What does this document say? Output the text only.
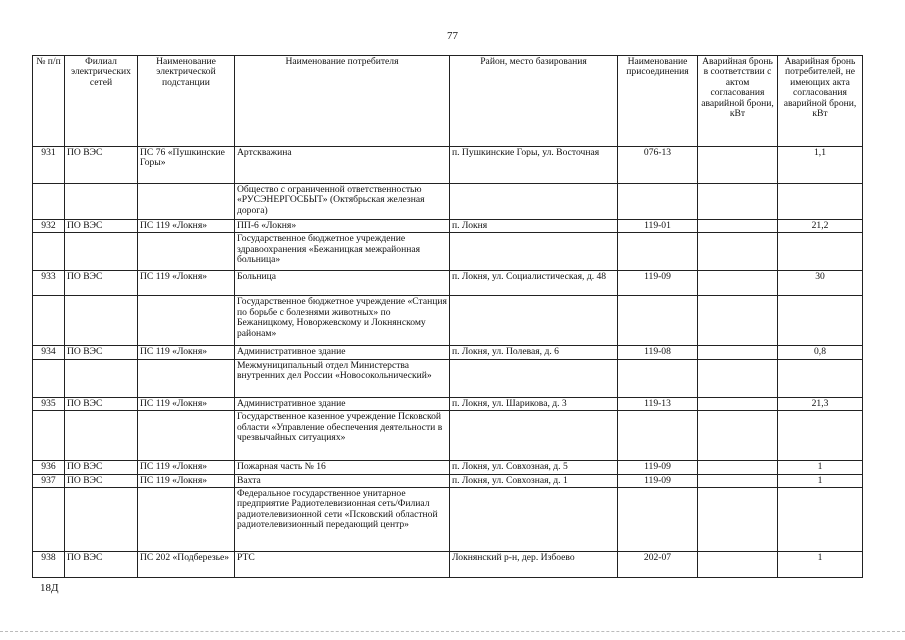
77
№ п/п	Филиал электрических сетей	Наименование электрической подстанции	Наименование потребителя	Район, место базирования	Наименование присоединения	Аварийная бронь в соответствии с актом согласования аварийной брони, кВт	Аварийная бронь потребителей, не имеющих акта согласования аварийной брони, кВт
931	ПО ВЭС	ПС 76 «Пушкинские Горы»	Артскважина	п. Пушкинские Горы, ул. Восточная	076-13		1,1
			Общество с ограниченной ответственностью «РУСЭНЕРГОСБЫТ» (Октябрьская железная дорога)				
932	ПО ВЭС	ПС 119 «Локня»	ПП-6 «Локня»	п. Локня	119-01		21,2
			Государственное бюджетное учреждение здравоохранения «Бежаницкая межрайонная больница»				
933	ПО ВЭС	ПС 119 «Локня»	Больница	п. Локня, ул. Социалистическая, д. 48	119-09		30
			Государственное бюджетное учреждение «Станция по борьбе с болезнями животных» по Бежаницкому, Новоржевскому и Локнянскому районам»				
934	ПО ВЭС	ПС 119 «Локня»	Административное здание	п. Локня, ул. Полевая, д. 6	119-08		0,8
			Межмуниципальный отдел Министерства внутренних дел России «Новосокольнический»				
935	ПО ВЭС	ПС 119 «Локня»	Административное здание	п. Локня, ул. Шарикова, д. 3	119-13		21,3
			Государственное казенное учреждение Псковской области «Управление обеспечения деятельности в чрезвычайных ситуациях»				
936	ПО ВЭС	ПС 119 «Локня»	Пожарная часть № 16	п. Локня, ул. Совхозная, д. 5	119-09		1
937	ПО ВЭС	ПС 119 «Локня»	Вахта	п. Локня, ул. Совхозная, д. 1	119-09		1
			Федеральное государственное унитарное предприятие Радиотелевизионная сеть/Филиал радиотелевизионной сети «Псковский областной радиотелевизионный передающий центр»				
938	ПО ВЭС	ПС 202 «Подберезье»	РТС	Локнянский р-н, дер. Избоево	202-07		1
18Д
